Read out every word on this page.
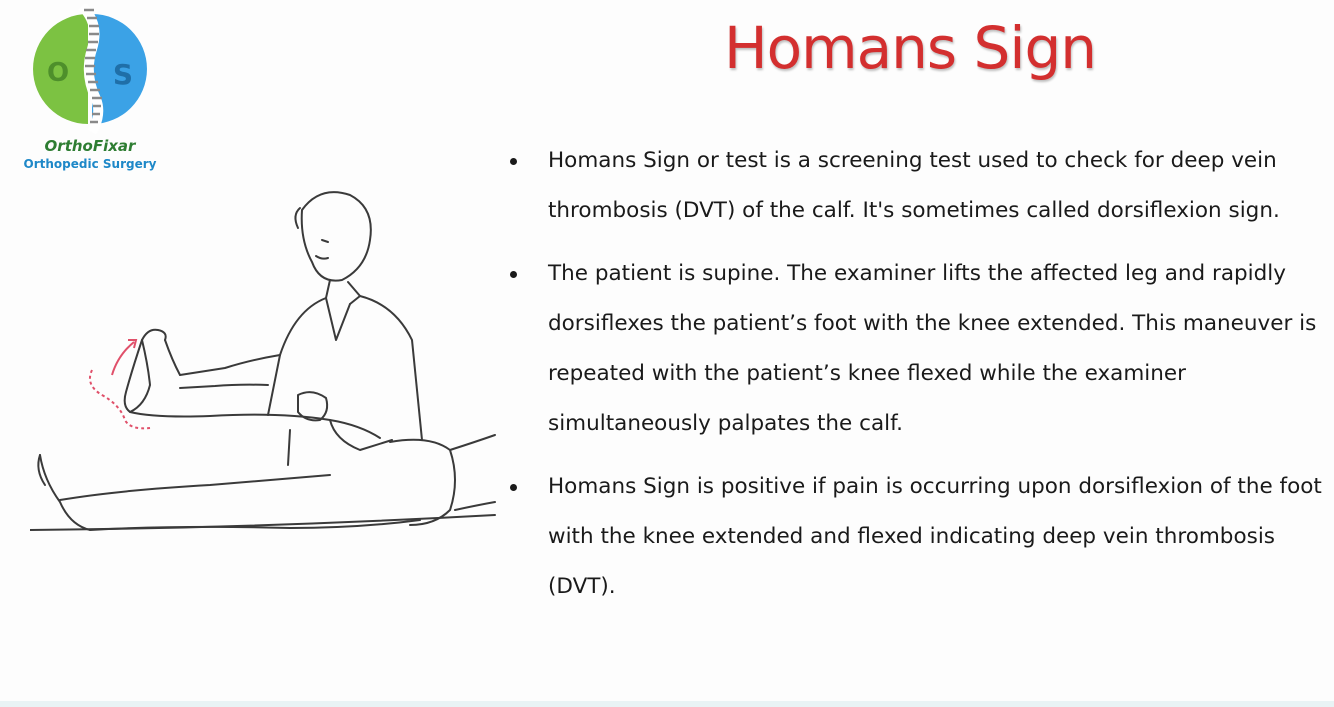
O S
OrthoFixar
Orthopedic Surgery
Homans Sign
Homans Sign or test is a screening test used to check for deep vein thrombosis (DVT) of the calf. It's sometimes called dorsiflexion sign.
The patient is supine. The examiner lifts the affected leg and rapidly dorsiflexes the patient’s foot with the knee extended. This maneuver is repeated with the patient’s knee flexed while the examiner simultaneously palpates the calf.
Homans Sign is positive if pain is occurring upon dorsiflexion of the foot with the knee extended and flexed indicating deep vein thrombosis (DVT).
